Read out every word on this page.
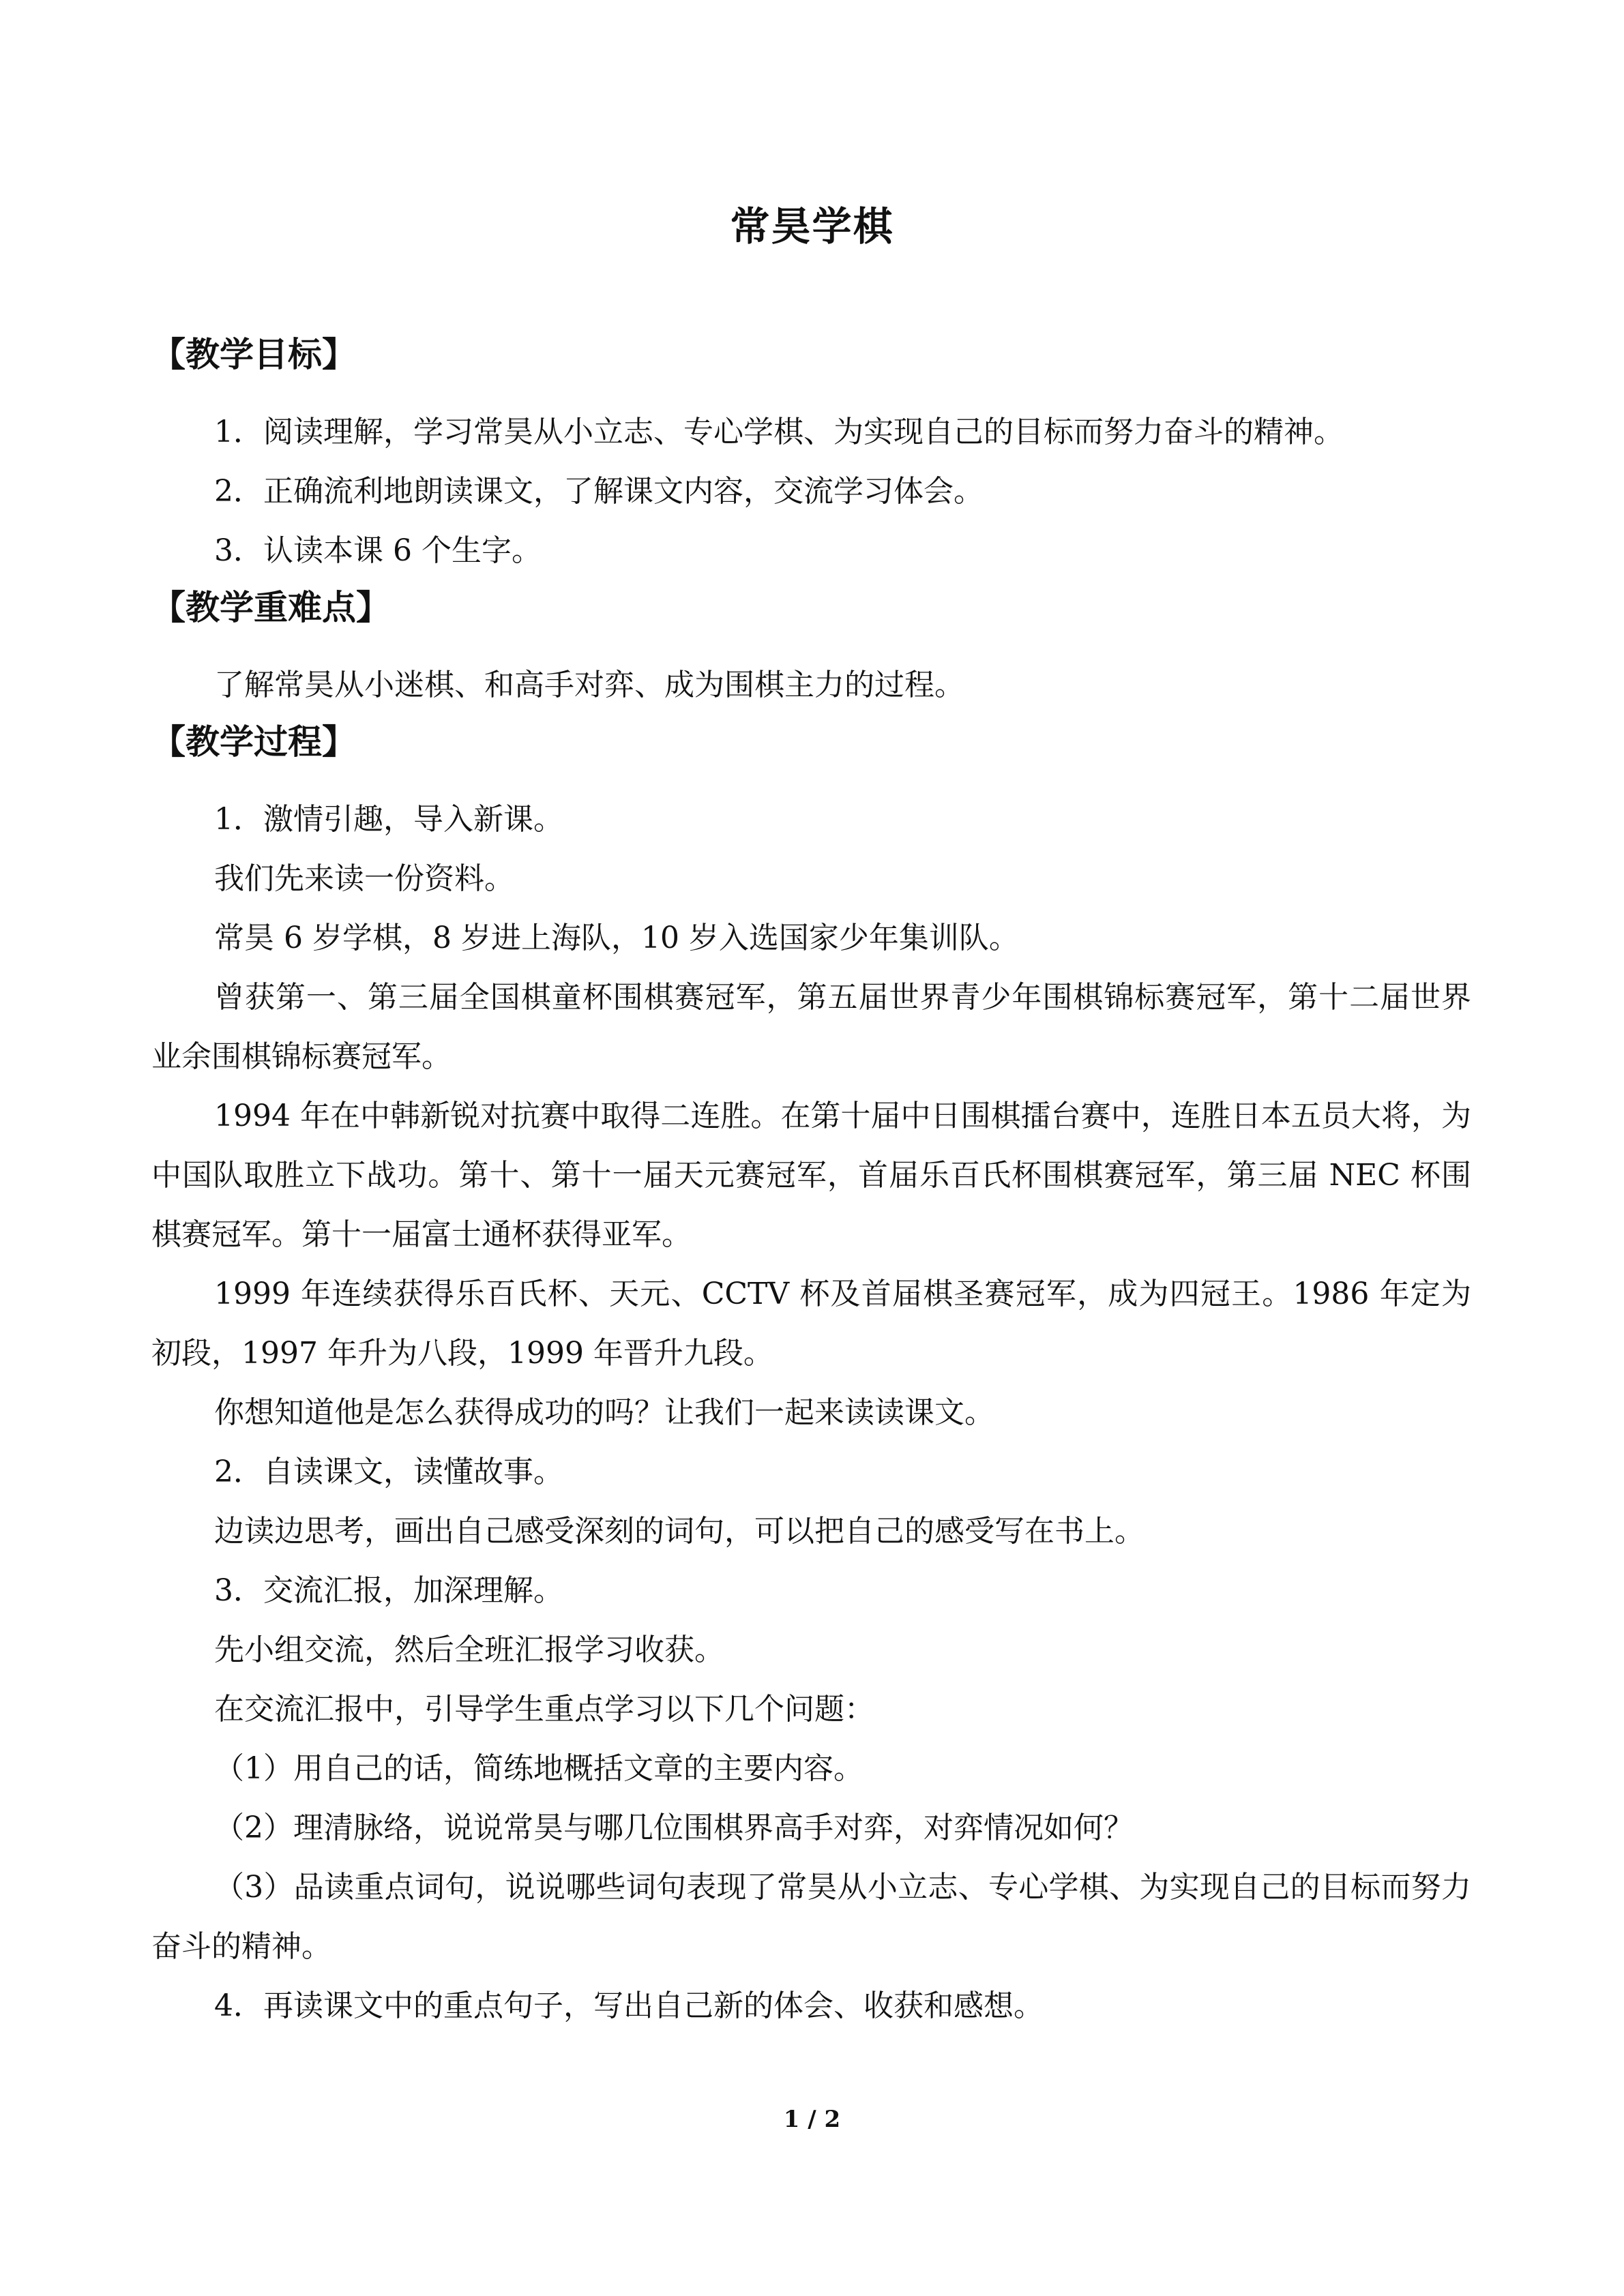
常昊学棋
【教学目标】

1．阅读理解，学习常昊从小立志、专心学棋、为实现自己的目标而努力奋斗的精神。

2．正确流利地朗读课文，了解课文内容，交流学习体会。

3．认读本课 6 个生字。

【教学重难点】

了解常昊从小迷棋、和高手对弈、成为围棋主力的过程。

【教学过程】

1．激情引趣，导入新课。

我们先来读一份资料。

常昊 6 岁学棋，8 岁进上海队，10 岁入选国家少年集训队。

曾获第一、第三届全国棋童杯围棋赛冠军，第五届世界青少年围棋锦标赛冠军，第十二届世界业余围棋锦标赛冠军。

1994 年在中韩新锐对抗赛中取得二连胜。在第十届中日围棋擂台赛中，连胜日本五员大将，为中国队取胜立下战功。第十、第十一届天元赛冠军，首届乐百氏杯围棋赛冠军，第三届 NEC 杯围棋赛冠军。第十一届富士通杯获得亚军。

1999 年连续获得乐百氏杯、天元、CCTV 杯及首届棋圣赛冠军，成为四冠王。1986 年定为初段，1997 年升为八段，1999 年晋升九段。

你想知道他是怎么获得成功的吗？让我们一起来读读课文。

2．自读课文，读懂故事。

边读边思考，画出自己感受深刻的词句，可以把自己的感受写在书上。

3．交流汇报，加深理解。

先小组交流，然后全班汇报学习收获。

在交流汇报中，引导学生重点学习以下几个问题：

（1）用自己的话，简练地概括文章的主要内容。

（2）理清脉络，说说常昊与哪几位围棋界高手对弈，对弈情况如何？

（3）品读重点词句，说说哪些词句表现了常昊从小立志、专心学棋、为实现自己的目标而努力奋斗的精神。

4．再读课文中的重点句子，写出自己新的体会、收获和感想。

1 / 2
